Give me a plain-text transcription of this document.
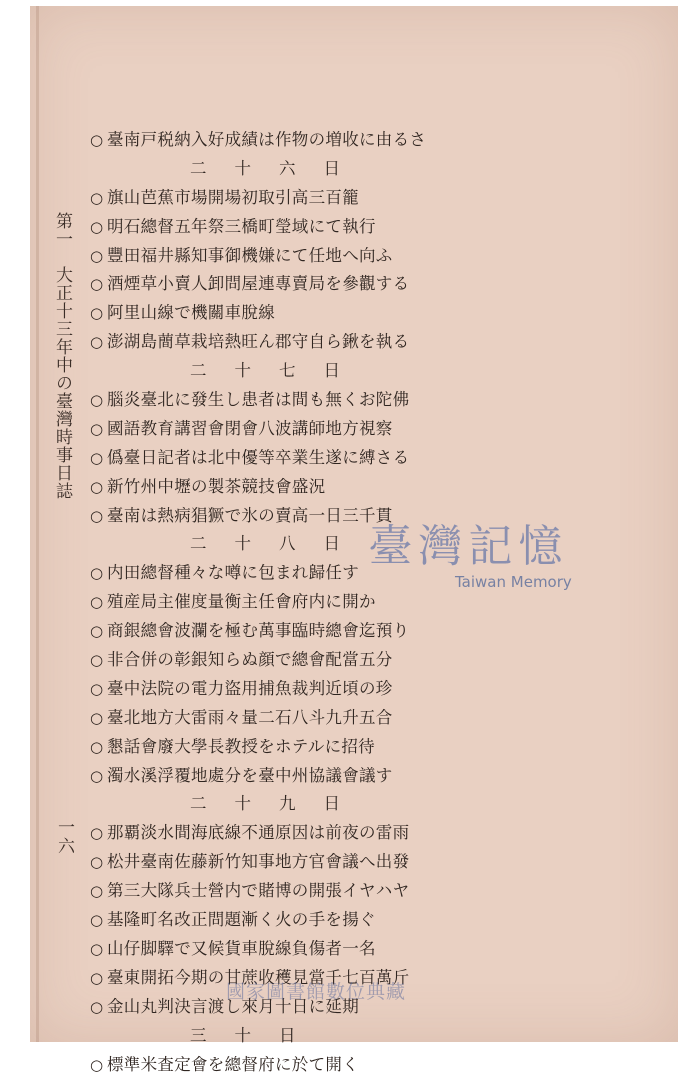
第一　大正十三年中の臺灣時事日誌
一六
○ 臺南戸税納入好成績は作物の増收に由るさ
二十六日
○ 旗山芭蕉市場開場初取引高三百籠
○ 明石總督五年祭三橋町瑩域にて執行
○ 豐田福井縣知事御機嫌にて任地へ向ふ
○ 酒煙草小賣人卸問屋連專賣局を參觀する
○ 阿里山線で機關車脫線
○ 澎湖島蕳草栽培熱旺ん郡守自ら鍬を執る
二十七日
○ 腦炎臺北に發生し患者は間も無くお陀佛
○ 國語教育講習會閉會八波講師地方視察
○ 僞臺日記者は北中優等卒業生遂に縛さる
○ 新竹州中壢の製茶競技會盛況
○ 臺南は熱病猖獗で氷の賣高一日三千貫
二十八日
○ 内田總督種々な噂に包まれ歸任す
○ 殖産局主催度量衡主任會府内に開か
○ 商銀總會波瀾を極む萬事臨時總會迄預り
○ 非合併の彰銀知らぬ顔で總會配當五分
○ 臺中法院の電力盜用捕魚裁判近頃の珍
○ 臺北地方大雷雨々量二石八斗九升五合
○ 懇話會廢大學長教授をホテルに招待
○ 濁水溪浮覆地處分を臺中州協議會議す
二十九日
○ 那覇淡水間海底線不通原因は前夜の雷雨
○ 松井臺南佐藤新竹知事地方官會議へ出發
○ 第三大隊兵士營内で賭博の開張イヤハヤ
○ 基隆町名改正問題漸く火の手を揚ぐ
○ 山仔脚驛で又候貨車脫線負傷者一名
○ 臺東開拓今期の甘蔗收穫見當千七百萬斤
○ 金山丸判決言渡し來月十日に延期
三十日
○ 標準米査定會を總督府に於て開く
臺灣記憶
Taiwan Memory
國家圖書館數位典藏
